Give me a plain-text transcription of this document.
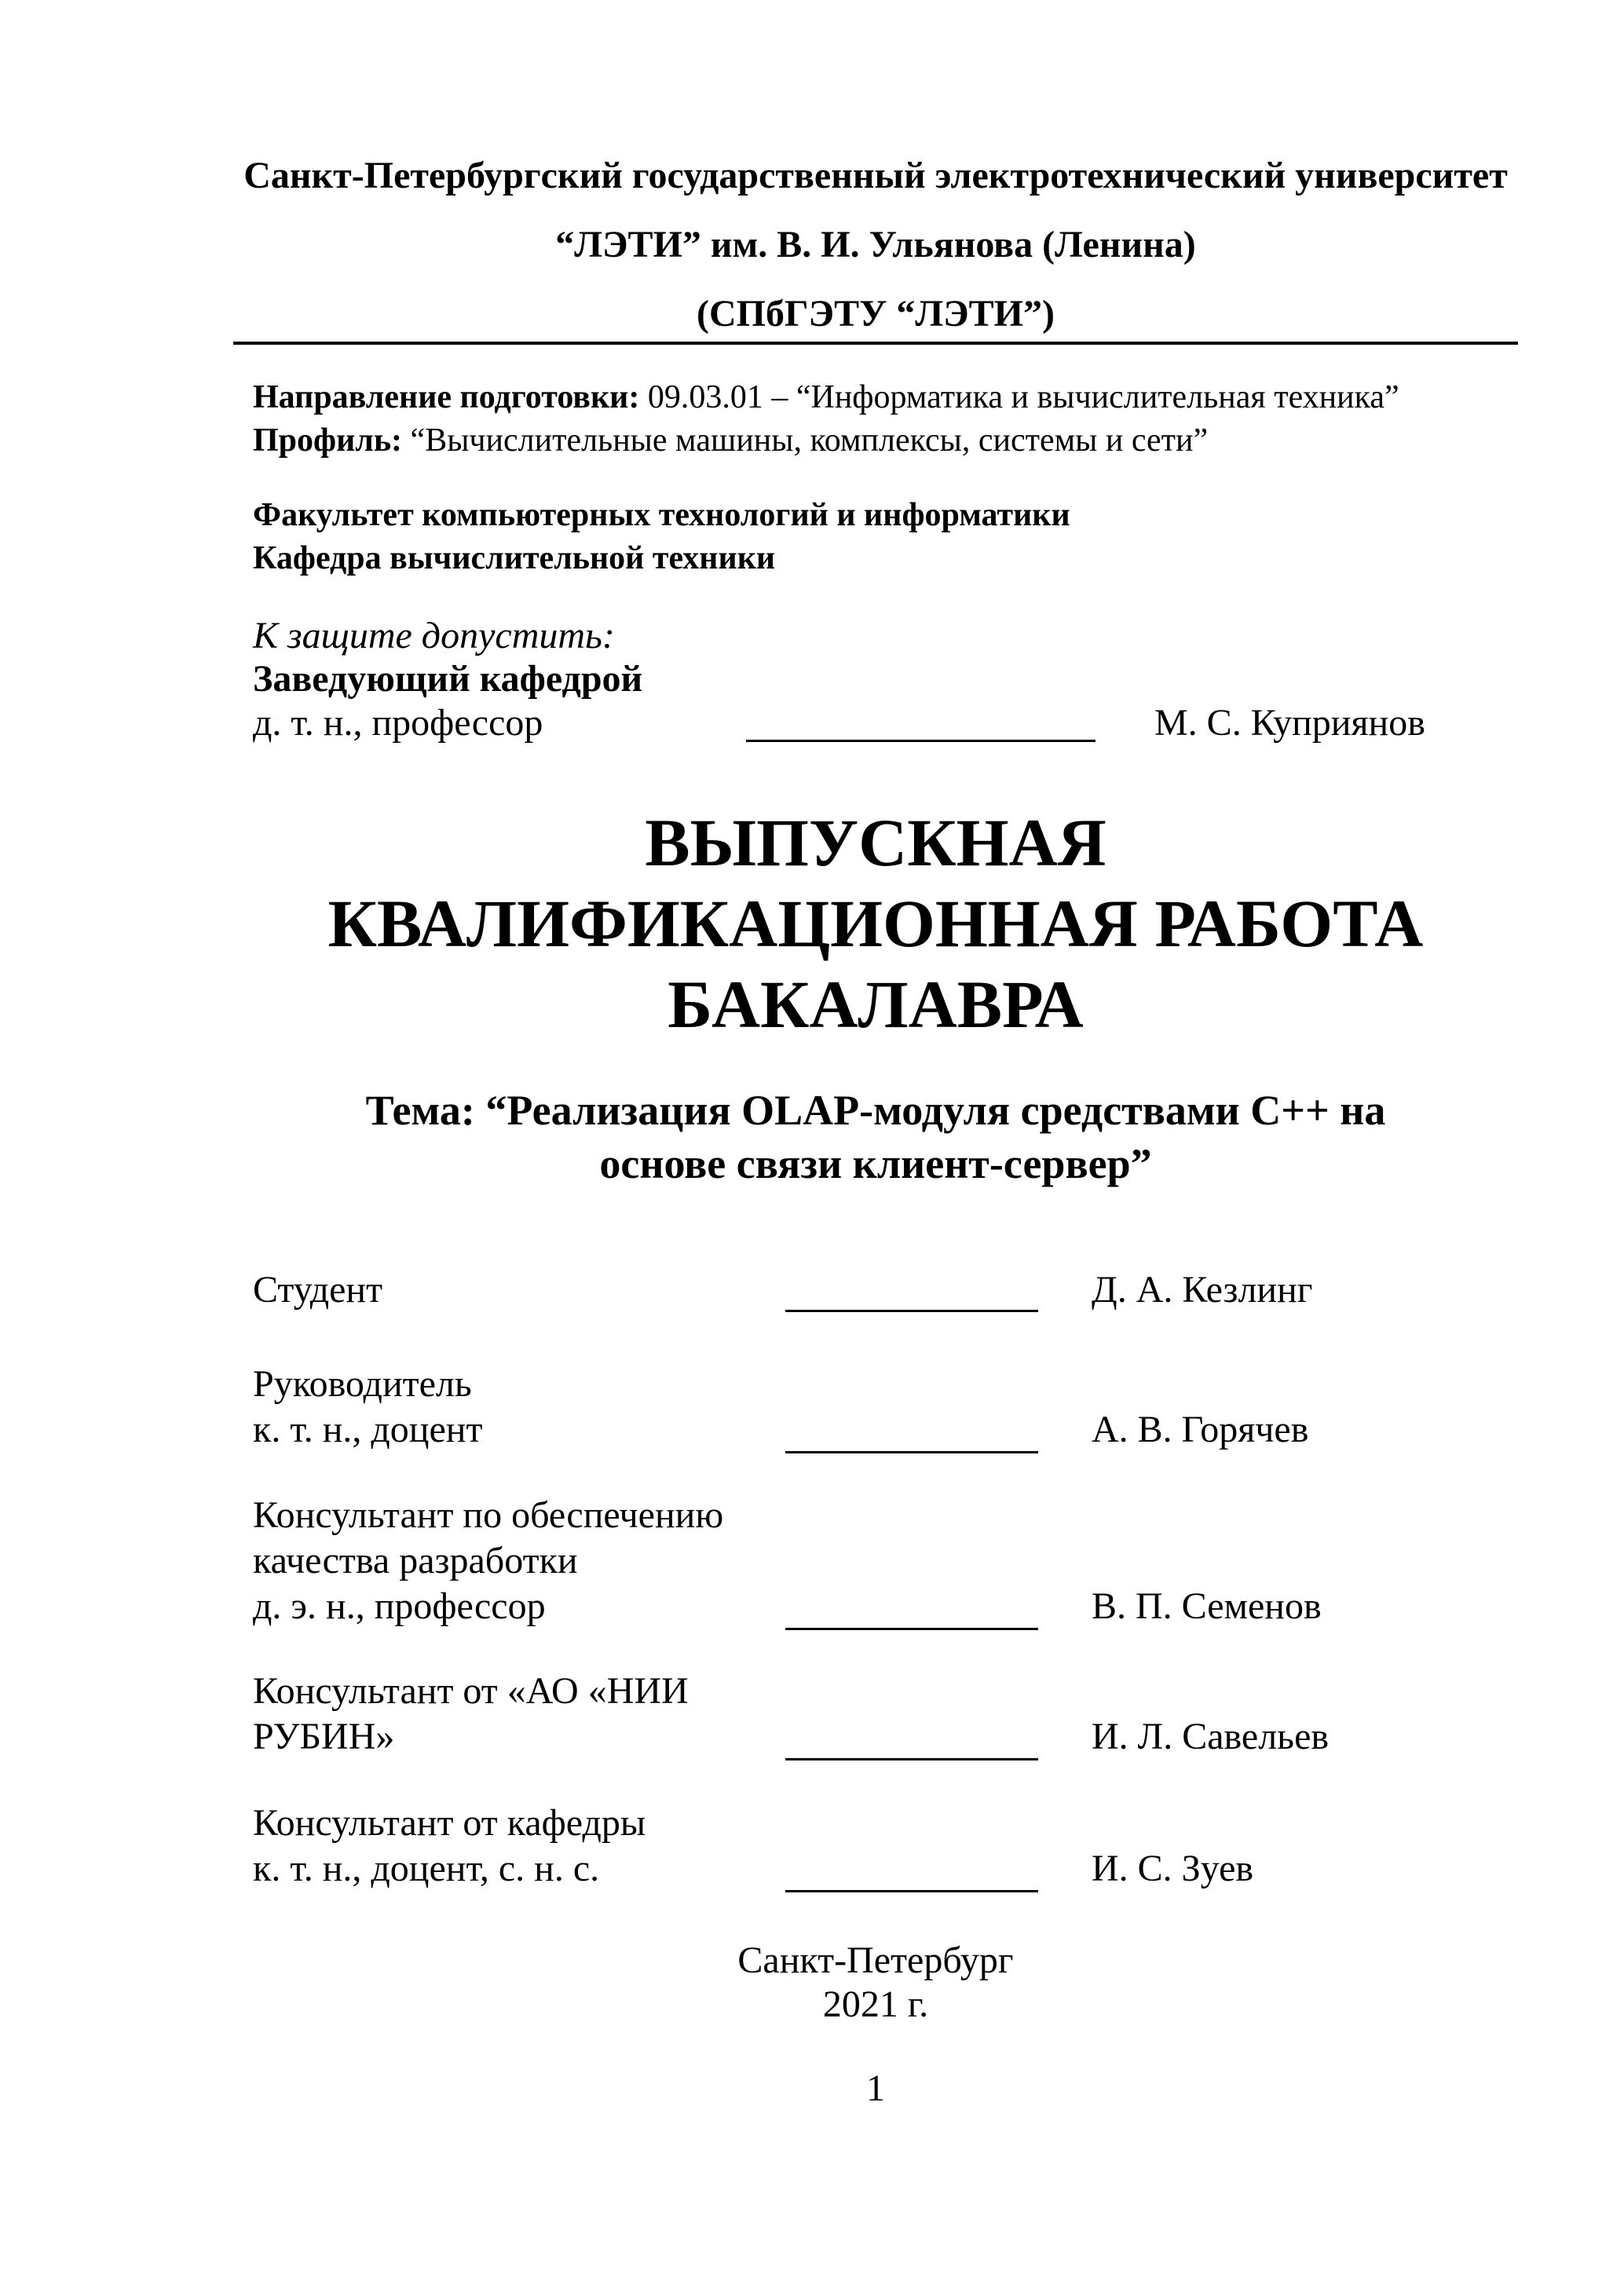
Санкт-Петербургский государственный электротехнический университет
“ЛЭТИ” им. В. И. Ульянова (Ленина)
(СПбГЭТУ “ЛЭТИ”)
Направление подготовки: 09.03.01 – “Информатика и вычислительная техника”
Профиль: “Вычислительные машины, комплексы, системы и сети”
Факультет компьютерных технологий и информатики
Кафедра вычислительной техники
К защите допустить:
Заведующий кафедрой
д. т. н., профессор	М. С. Куприянов
ВЫПУСКНАЯ
КВАЛИФИКАЦИОННАЯ РАБОТА
БАКАЛАВРА
Тема: “Реализация OLAP-модуля средствами C++ на
основе связи клиент-сервер”
Студент	Д. А. Кезлинг
Руководитель
к. т. н., доцент	А. В. Горячев
Консультант по обеспечению
качества разработки
д. э. н., профессор	В. П. Семенов
Консультант от «АО «НИИ
РУБИН»	И. Л. Савельев
Консультант от кафедры
к. т. н., доцент, с. н. с.	И. С. Зуев
Санкт-Петербург
2021 г.
1
